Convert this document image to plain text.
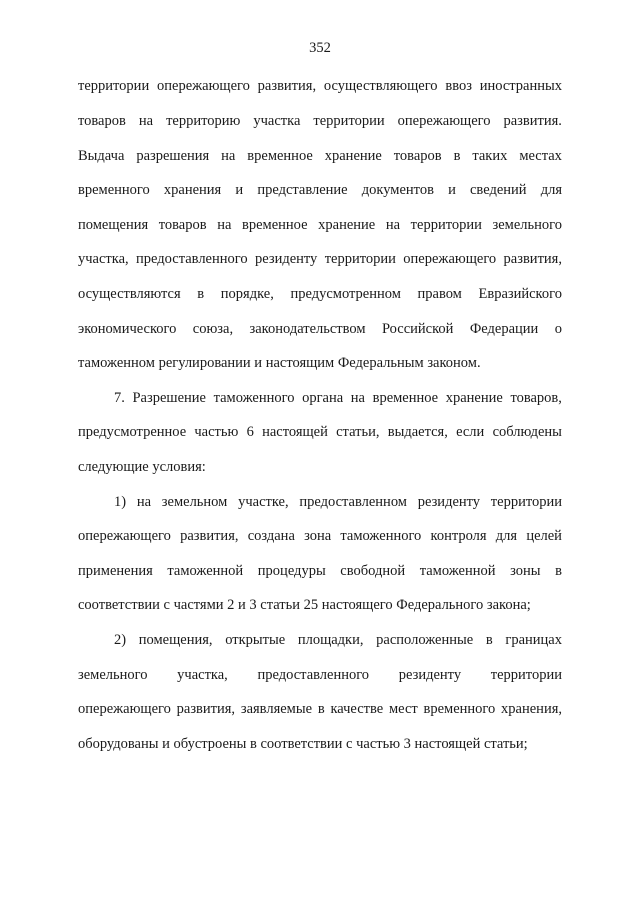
352
территории опережающего развития, осуществляющего ввоз иностранных
товаров на территорию участка территории опережающего развития.
Выдача разрешения на временное хранение товаров в таких местах
временного хранения и представление документов и сведений для
помещения товаров на временное хранение на территории земельного
участка, предоставленного резиденту территории опережающего развития,
осуществляются в порядке, предусмотренном правом Евразийского
экономического союза, законодательством Российской Федерации о
таможенном регулировании и настоящим Федеральным законом.
7. Разрешение таможенного органа на временное хранение товаров,
предусмотренное частью 6 настоящей статьи, выдается, если соблюдены
следующие условия:
1) на земельном участке, предоставленном резиденту территории
опережающего развития, создана зона таможенного контроля для целей
применения таможенной процедуры свободной таможенной зоны в
соответствии с частями 2 и 3 статьи 25 настоящего Федерального закона;
2) помещения, открытые площадки, расположенные в границах
земельного участка, предоставленного резиденту территории
опережающего развития, заявляемые в качестве мест временного хранения,
оборудованы и обустроены в соответствии с частью 3 настоящей статьи;
